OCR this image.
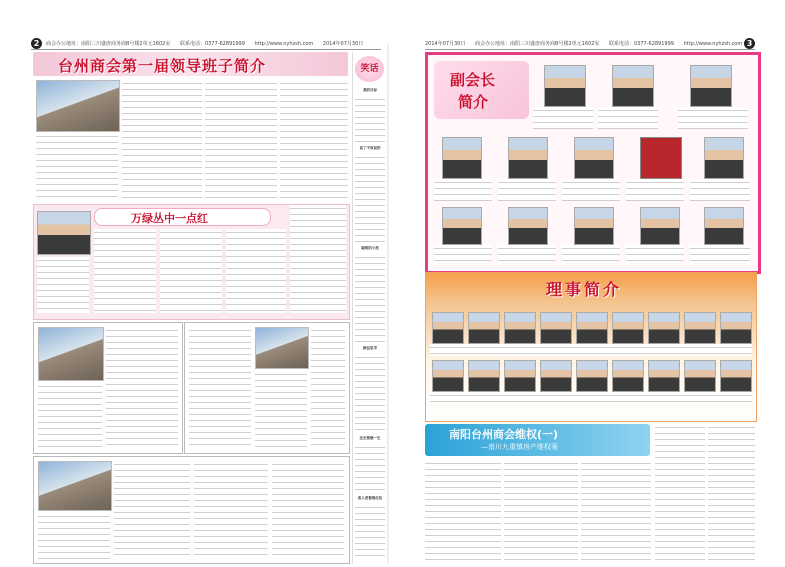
2	商会办公地址：南阳三川盛唐商务商B号楼2单元1602室 联系电话：0377-62891999 http://www.nyhzsh.com 2014年07月30日	2014年07月30日 商会办公地址：南阳三川盛唐商务商B号楼2单元1602室 联系电话：0377-62891999 http://www.nyhzsh.com 3
台州商会第一届领导班子简介	笑话
我的目标
说了不该说的
聪明的小孩
换位思考
注定要做一生
客人老看理化妆
万绿丛中一点红
副会长
简介
理事简介
南阳台州商会维权(一)
—南川九重镇房产维权案
